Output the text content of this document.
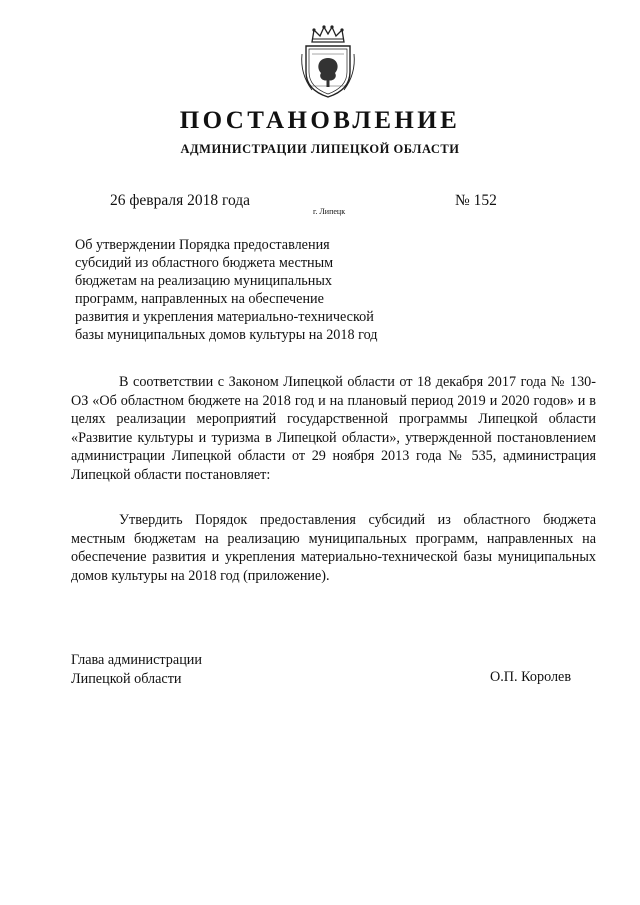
ПОСТАНОВЛЕНИЕ
АДМИНИСТРАЦИИ ЛИПЕЦКОЙ ОБЛАСТИ
26 февраля 2018 года
г. Липецк
№ 152
Об утверждении Порядка предоставления
субсидий из областного бюджета местным
бюджетам на реализацию муниципальных
программ, направленных на обеспечение
развития и укрепления материально-технической
базы муниципальных домов культуры на 2018 год

В соответствии с Законом Липецкой области от 18 декабря 2017 года № 130-ОЗ «Об областном бюджете на 2018 год и на плановый период 2019 и 2020 годов» и в целях реализации мероприятий государственной программы Липецкой области «Развитие культуры и туризма в Липецкой области», утвержденной постановлением администрации Липецкой области от 29 ноября 2013 года № 535, администрация Липецкой области постановляет:

Утвердить Порядок предоставления субсидий из областного бюджета местным бюджетам на реализацию муниципальных программ, направленных на обеспечение развития и укрепления материально-технической базы муниципальных домов культуры на 2018 год (приложение).

Глава администрации
Липецкой области	О.П. Королев
